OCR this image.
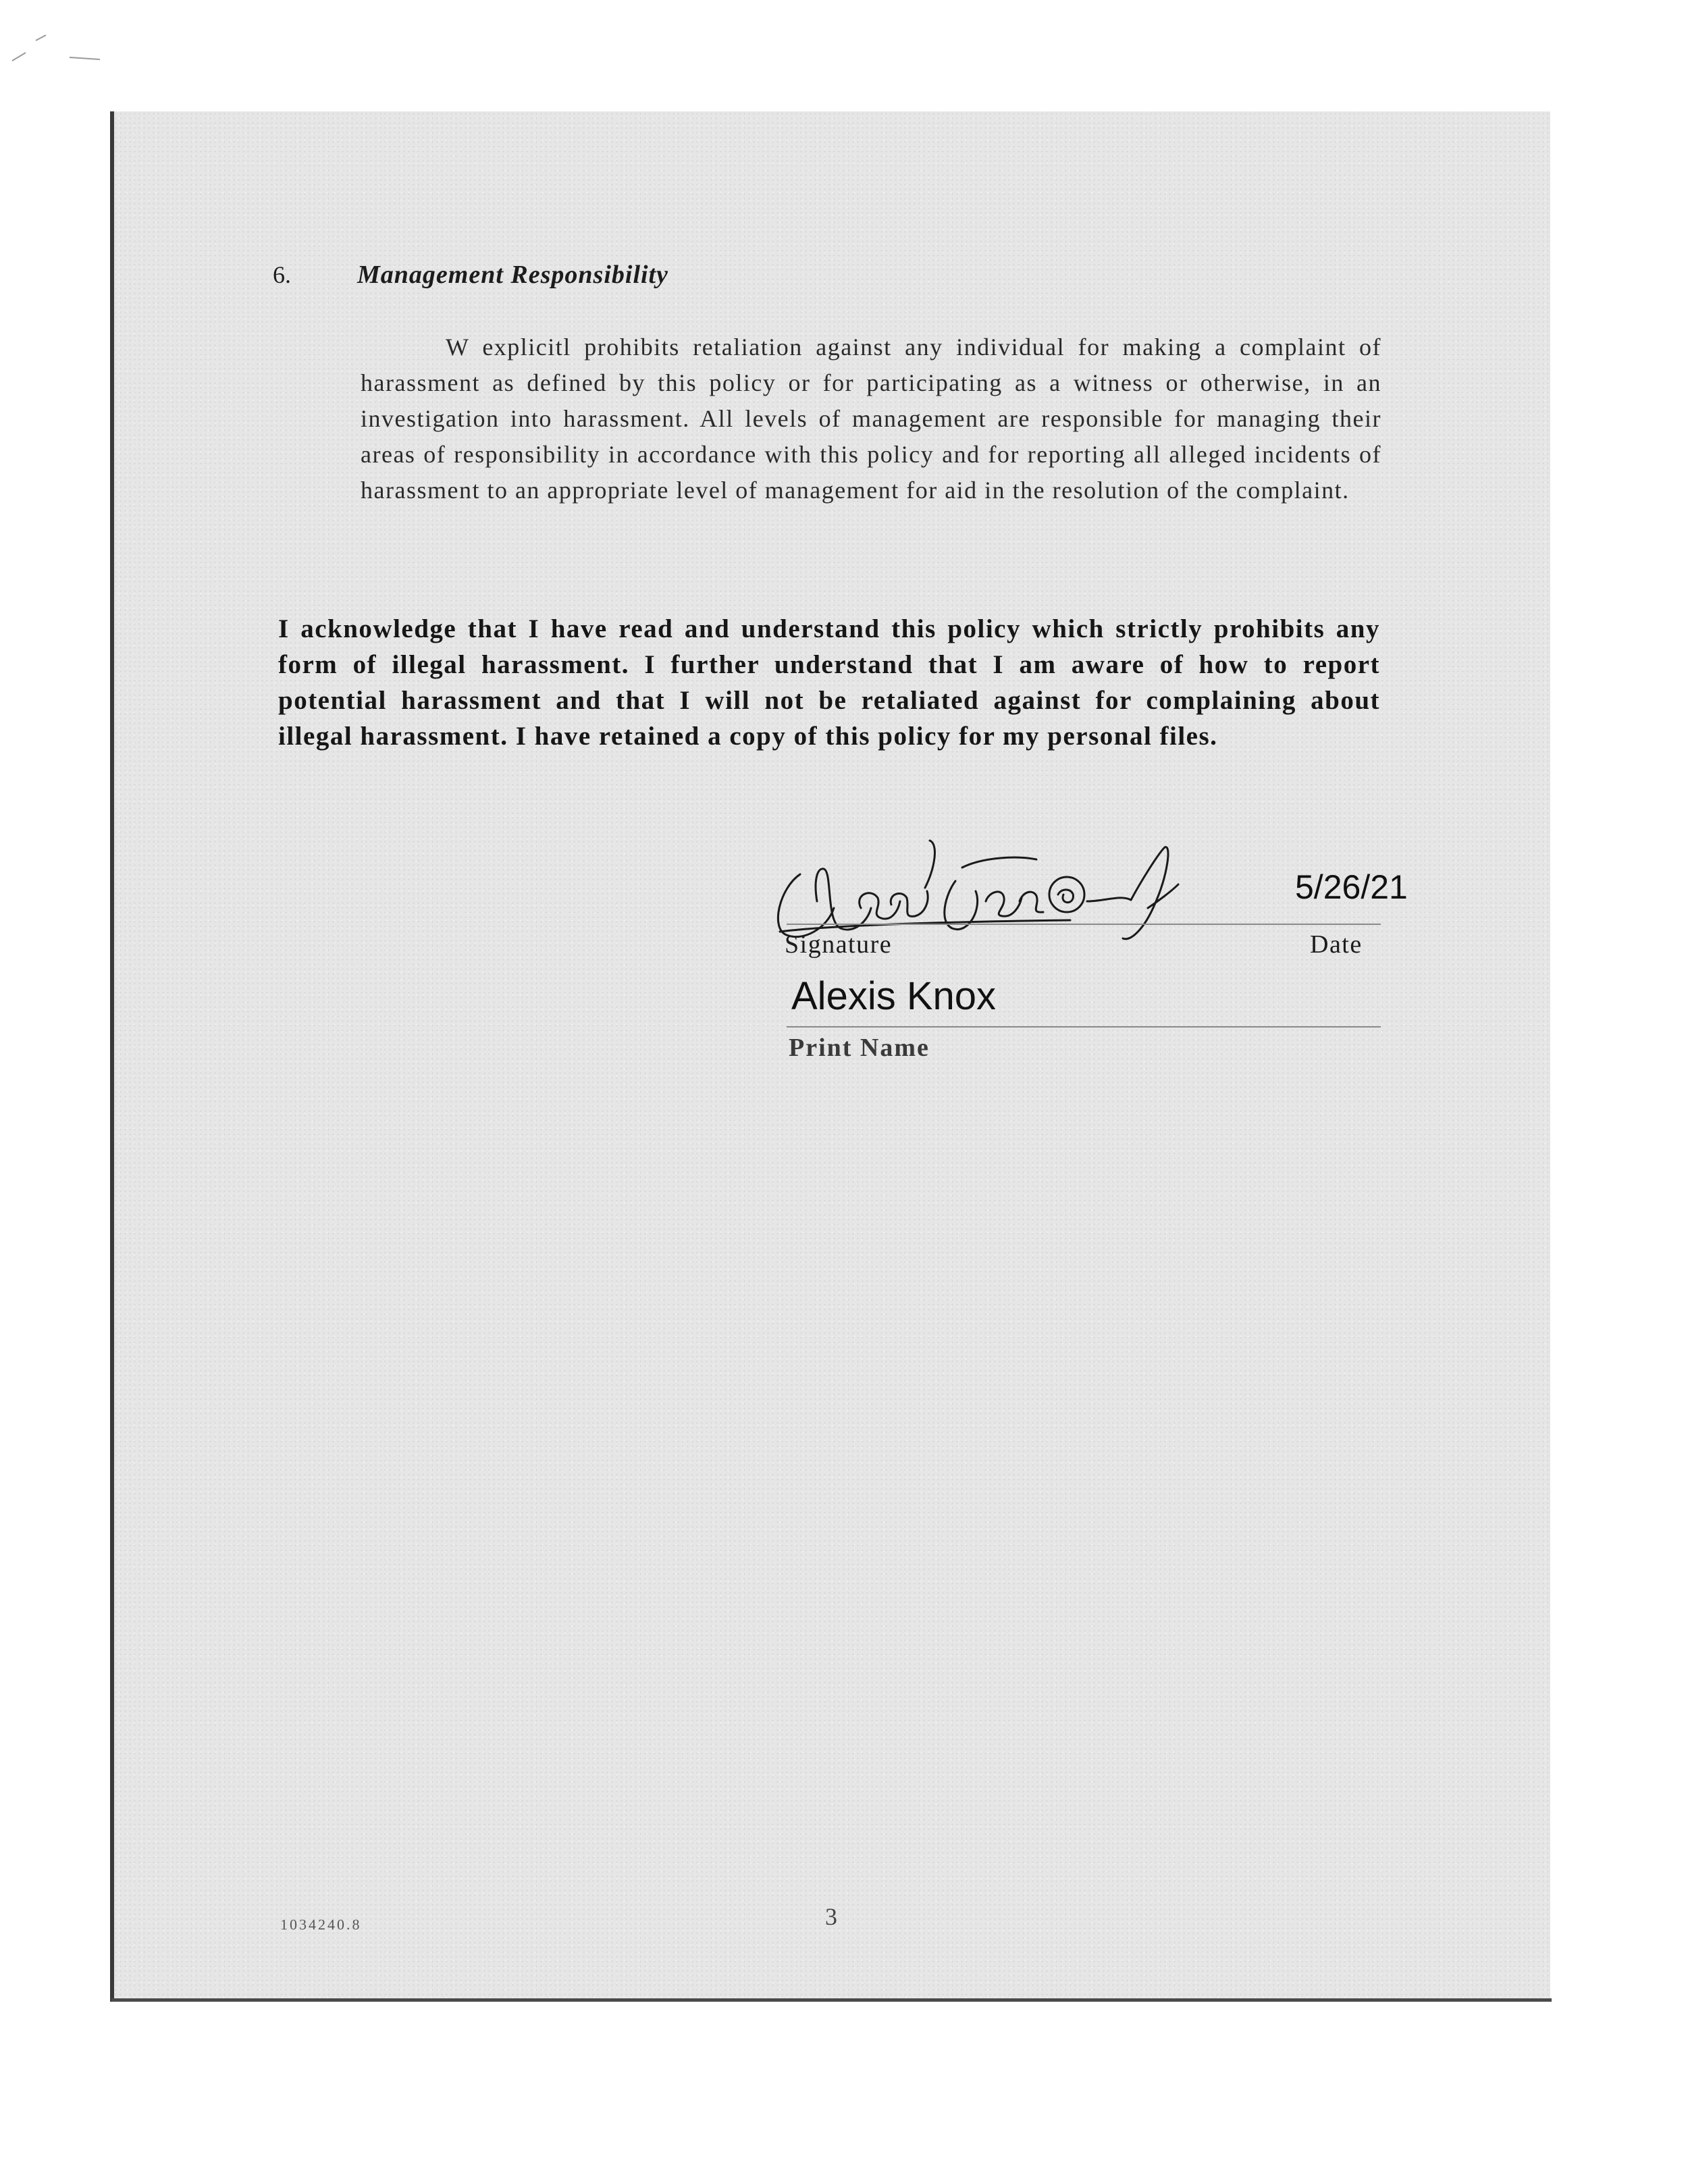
6.	Management Responsibility
W explicitl prohibits retaliation against any individual for making a complaint of harassment as defined by this policy or for participating as a witness or otherwise, in an investigation into harassment. All levels of management are responsible for managing their areas of responsibility in accordance with this policy and for reporting all alleged incidents of harassment to an appropriate level of management for aid in the resolution of the complaint.
I acknowledge that I have read and understand this policy which strictly prohibits any form of illegal harassment. I further understand that I am aware of how to report potential harassment and that I will not be retaliated against for complaining about illegal harassment. I have retained a copy of this policy for my personal files.
Signature
5/26/21
Date
Alexis Knox
Print Name
1034240.8	3
